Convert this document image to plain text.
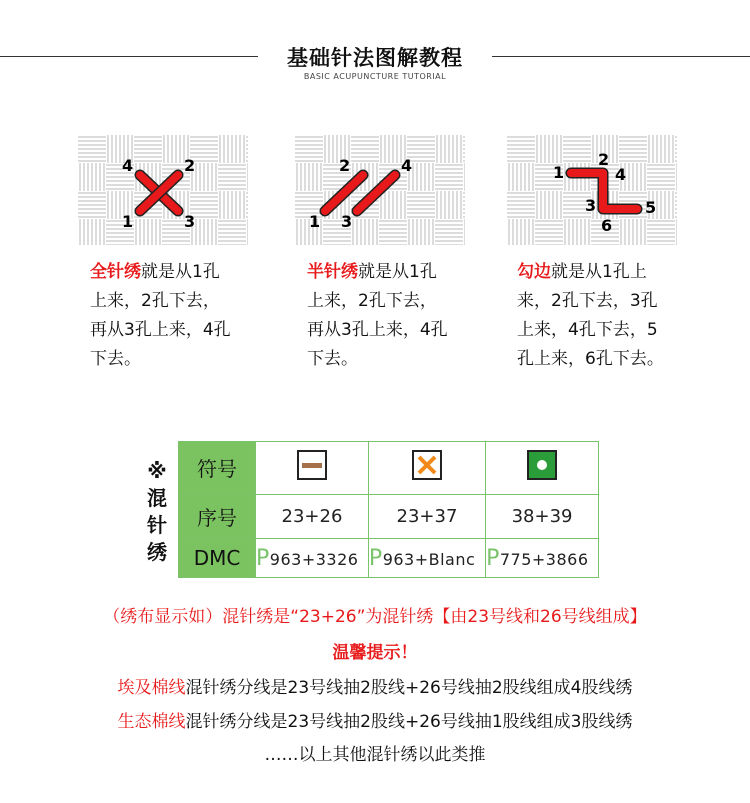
基础针法图解教程
BASIC ACUPUNCTURE TUTORIAL
4	2
1	3
全针绣就是从1孔
上来，2孔下去，
再从3孔上来，4孔
下去。
2	4
1 3
半针绣就是从1孔
上来，2孔下去，
再从3孔上来，4孔
下去。
1
2
4
3	5
6
勾边就是从1孔上
来，2孔下去，3孔
上来，4孔下去，5
孔上来，6孔下去。
※
混
针
绣
符号			
序号	23+26	23+37	38+39
DMC	P963+3326	P963+Blanc	P775+3866
（绣布显示如）混针绣是“23+26”为混针绣【由23号线和26号线组成】
温馨提示！
埃及棉线混针绣分线是23号线抽2股线+26号线抽2股线组成4股线绣
生态棉线混针绣分线是23号线抽2股线+26号线抽1股线组成3股线绣
……以上其他混针绣以此类推
